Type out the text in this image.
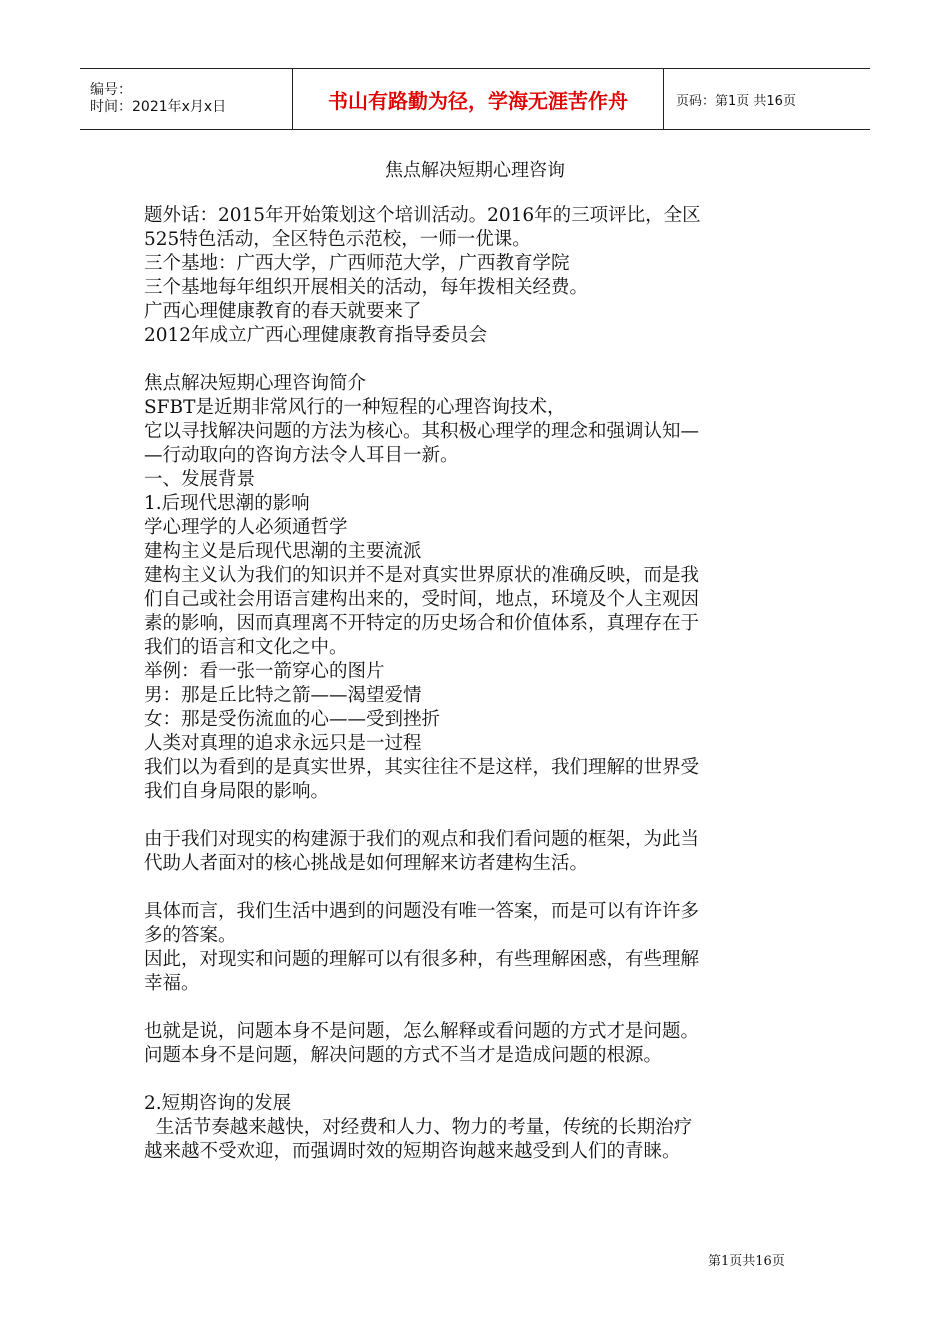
编号：
时间：2021年x月x日	书山有路勤为径，学海无涯苦作舟	页码：第1页 共16页
焦点解决短期心理咨询

题外话：2015年开始策划这个培训活动。2016年的三项评比，全区

525特色活动，全区特色示范校，一师一优课。

三个基地：广西大学，广西师范大学，广西教育学院

三个基地每年组织开展相关的活动，每年拨相关经费。

广西心理健康教育的春天就要来了

2012年成立广西心理健康教育指导委员会

焦点解决短期心理咨询简介

SFBT是近期非常风行的一种短程的心理咨询技术，

它以寻找解决问题的方法为核心。其积极心理学的理念和强调认知—

—行动取向的咨询方法令人耳目一新。

一、发展背景

1.后现代思潮的影响

学心理学的人必须通哲学

建构主义是后现代思潮的主要流派

建构主义认为我们的知识并不是对真实世界原状的准确反映，而是我

们自己或社会用语言建构出来的，受时间，地点，环境及个人主观因

素的影响，因而真理离不开特定的历史场合和价值体系，真理存在于

我们的语言和文化之中。

举例：看一张一箭穿心的图片

男：那是丘比特之箭——渴望爱情

女：那是受伤流血的心——受到挫折

人类对真理的追求永远只是一过程

我们以为看到的是真实世界，其实往往不是这样，我们理解的世界受

我们自身局限的影响。

由于我们对现实的构建源于我们的观点和我们看问题的框架，为此当

代助人者面对的核心挑战是如何理解来访者建构生活。

具体而言，我们生活中遇到的问题没有唯一答案，而是可以有许许多

多的答案。

因此，对现实和问题的理解可以有很多种，有些理解困惑，有些理解

幸福。

也就是说，问题本身不是问题，怎么解释或看问题的方式才是问题。

问题本身不是问题，解决问题的方式不当才是造成问题的根源。

2.短期咨询的发展

生活节奏越来越快，对经费和人力、物力的考量，传统的长期治疗

越来越不受欢迎，而强调时效的短期咨询越来越受到人们的青睐。

第1页共16页
